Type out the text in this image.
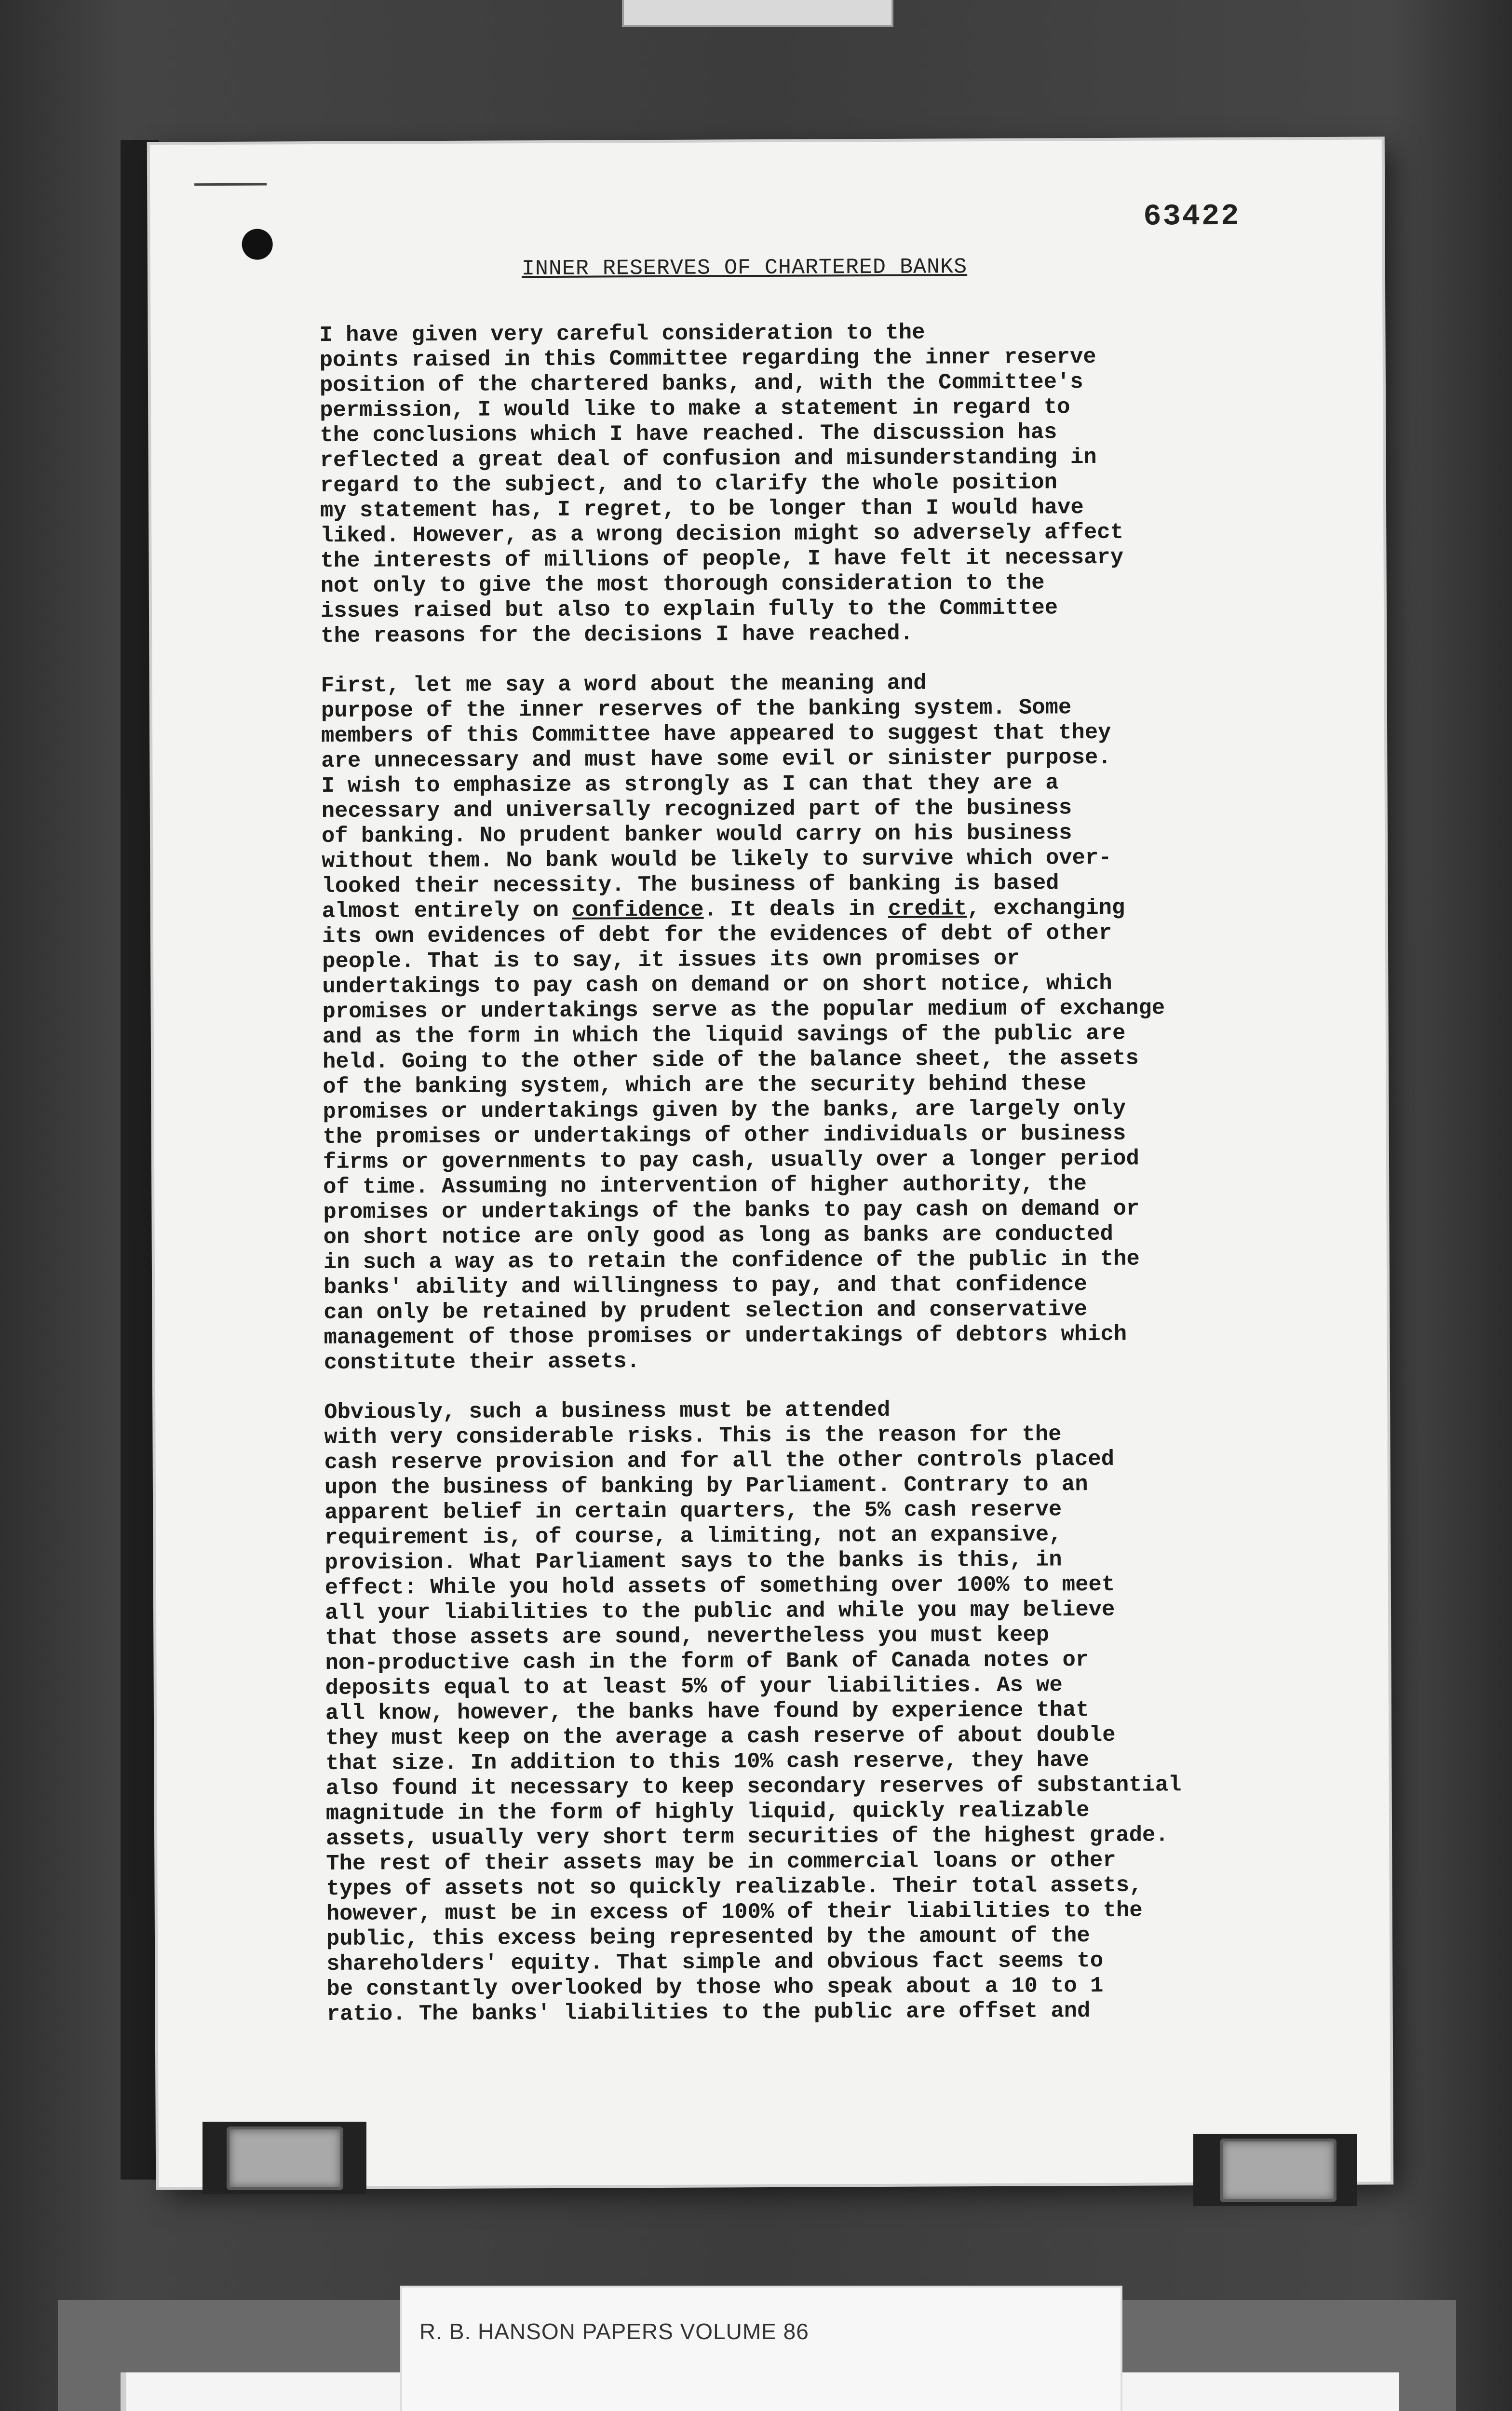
63422
INNER RESERVES OF CHARTERED BANKS

I have given very careful consideration to the
points raised in this Committee regarding the inner reserve
position of the chartered banks, and, with the Committee's
permission, I would like to make a statement in regard to
the conclusions which I have reached. The discussion has
reflected a great deal of confusion and misunderstanding in
regard to the subject, and to clarify the whole position
my statement has, I regret, to be longer than I would have
liked. However, as a wrong decision might so adversely affect
the interests of millions of people, I have felt it necessary
not only to give the most thorough consideration to the
issues raised but also to explain fully to the Committee
the reasons for the decisions I have reached.

First, let me say a word about the meaning and
purpose of the inner reserves of the banking system. Some
members of this Committee have appeared to suggest that they
are unnecessary and must have some evil or sinister purpose.
I wish to emphasize as strongly as I can that they are a
necessary and universally recognized part of the business
of banking. No prudent banker would carry on his business
without them. No bank would be likely to survive which over-
looked their necessity. The business of banking is based

almost entirely on confidence. It deals in credit, exchanging

its own evidences of debt for the evidences of debt of other
people. That is to say, it issues its own promises or
undertakings to pay cash on demand or on short notice, which
promises or undertakings serve as the popular medium of exchange
and as the form in which the liquid savings of the public are
held. Going to the other side of the balance sheet, the assets
of the banking system, which are the security behind these
promises or undertakings given by the banks, are largely only
the promises or undertakings of other individuals or business
firms or governments to pay cash, usually over a longer period
of time. Assuming no intervention of higher authority, the
promises or undertakings of the banks to pay cash on demand or
on short notice are only good as long as banks are conducted
in such a way as to retain the confidence of the public in the
banks' ability and willingness to pay, and that confidence
can only be retained by prudent selection and conservative
management of those promises or undertakings of debtors which
constitute their assets.

Obviously, such a business must be attended
with very considerable risks. This is the reason for the
cash reserve provision and for all the other controls placed
upon the business of banking by Parliament. Contrary to an
apparent belief in certain quarters, the 5% cash reserve
requirement is, of course, a limiting, not an expansive,
provision. What Parliament says to the banks is this, in
effect: While you hold assets of something over 100% to meet
all your liabilities to the public and while you may believe
that those assets are sound, nevertheless you must keep
non-productive cash in the form of Bank of Canada notes or
deposits equal to at least 5% of your liabilities. As we
all know, however, the banks have found by experience that
they must keep on the average a cash reserve of about double
that size. In addition to this 10% cash reserve, they have
also found it necessary to keep secondary reserves of substantial
magnitude in the form of highly liquid, quickly realizable
assets, usually very short term securities of the highest grade.
The rest of their assets may be in commercial loans or other
types of assets not so quickly realizable. Their total assets,
however, must be in excess of 100% of their liabilities to the
public, this excess being represented by the amount of the
shareholders' equity. That simple and obvious fact seems to
be constantly overlooked by those who speak about a 10 to 1
ratio. The banks' liabilities to the public are offset and

R. B. HANSON PAPERS VOLUME 86
